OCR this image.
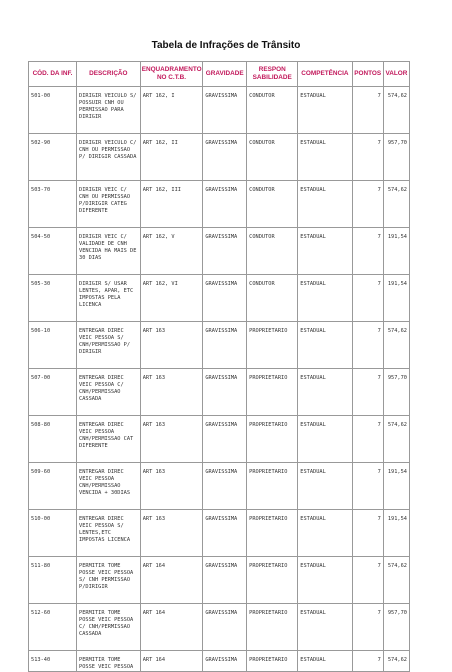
Tabela de Infrações de Trânsito
CÓD. DA INF.	DESCRIÇÃO	ENQUADRAMENTO NO C.T.B.	GRAVIDADE	RESPON SABILIDADE	COMPETÊNCIA	PONTOS	VALOR
501-00	DIRIGIR VEICULO S/ POSSUIR CNH OU PERMISSAO PARA DIRIGIR	ART 162, I	GRAVISSIMA	CONDUTOR	ESTADUAL	7	574,62
502-90	DIRIGIR VEICULO C/ CNH OU PERMISSAO P/ DIRIGIR CASSADA	ART 162, II	GRAVISSIMA	CONDUTOR	ESTADUAL	7	957,70
503-70	DIRIGIR VEIC C/ CNH OU PERMISSAO P/DIRIGIR CATEG DIFERENTE	ART 162, III	GRAVISSIMA	CONDUTOR	ESTADUAL	7	574,62
504-50	DIRIGIR VEIC C/ VALIDADE DE CNH VENCIDA HA MAIS DE 30 DIAS	ART 162, V	GRAVISSIMA	CONDUTOR	ESTADUAL	7	191,54
505-30	DIRIGIR S/ USAR LENTES, APAR, ETC IMPOSTAS PELA LICENCA	ART 162, VI	GRAVISSIMA	CONDUTOR	ESTADUAL	7	191,54
506-10	ENTREGAR DIREC VEIC PESSOA S/ CNH/PERMISSAO P/ DIRIGIR	ART 163	GRAVISSIMA	PROPRIETARIO	ESTADUAL	7	574,62
507-00	ENTREGAR DIREC VEIC PESSOA C/ CNH/PERMISSAO CASSADA	ART 163	GRAVISSIMA	PROPRIETARIO	ESTADUAL	7	957,70
508-80	ENTREGAR DIREC VEIC PESSOA CNH/PERMISSAO CAT DIFERENTE	ART 163	GRAVISSIMA	PROPRIETARIO	ESTADUAL	7	574,62
509-60	ENTREGAR DIREC VEIC PESSOA CNH/PERMISSAO VENCIDA + 30DIAS	ART 163	GRAVISSIMA	PROPRIETARIO	ESTADUAL	7	191,54
510-00	ENTREGAR DIREC VEIC PESSOA S/ LENTES,ETC IMPOSTAS LICENCA	ART 163	GRAVISSIMA	PROPRIETARIO	ESTADUAL	7	191,54
511-80	PERMITIR TOME POSSE VEIC PESSOA S/ CNH PERMISSAO P/DIRIGIR	ART 164	GRAVISSIMA	PROPRIETARIO	ESTADUAL	7	574,62
512-60	PERMITIR TOME POSSE VEIC PESSOA C/ CNH/PERMISSAO CASSADA	ART 164	GRAVISSIMA	PROPRIETARIO	ESTADUAL	7	957,70
513-40	PERMITIR TOME POSSE VEIC PESSOA	ART 164	GRAVISSIMA	PROPRIETARIO	ESTADUAL	7	574,62
